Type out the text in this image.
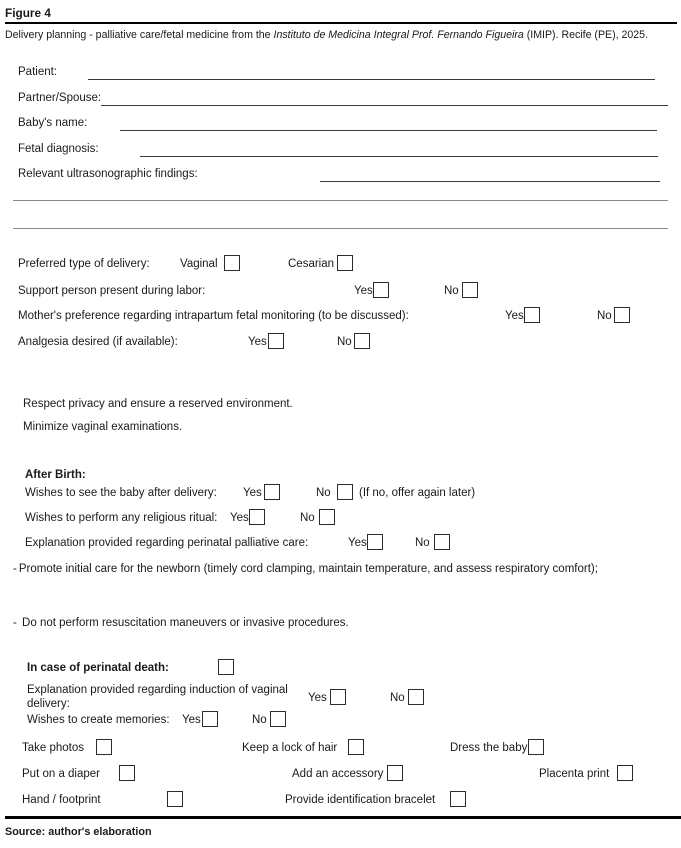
Figure 4
Delivery planning - palliative care/fetal medicine from the Instituto de Medicina Integral Prof. Fernando Figueira (IMIP). Recife (PE), 2025.
Patient:
Partner/Spouse:
Baby's name:
Fetal diagnosis:
Relevant ultrasonographic findings:
Preferred type of delivery:	Vaginal	Cesarian
Support person present during labor:	Yes	No
Mother's preference regarding intrapartum fetal monitoring (to be discussed):	Yes	No
Analgesia desired (if available):	Yes	No
Respect privacy and ensure a reserved environment.
Minimize vaginal examinations.
After Birth:
Wishes to see the baby after delivery: Yes	No (If no, offer again later)
Wishes to perform any religious ritual: Yes	No
Explanation provided regarding perinatal palliative care:	Yes	No
- Promote initial care for the newborn (timely cord clamping, maintain temperature, and assess respiratory comfort);
- Do not perform resuscitation maneuvers or invasive procedures.
In case of perinatal death:
Explanation provided regarding induction of vaginal delivery:	Yes	No
Wishes to create memories: Yes	No
Take photos	Keep a lock of hair	Dress the baby
Put on a diaper	Add an accessory	Placenta print
Hand / footprint	Provide identification bracelet
Source: author's elaboration
